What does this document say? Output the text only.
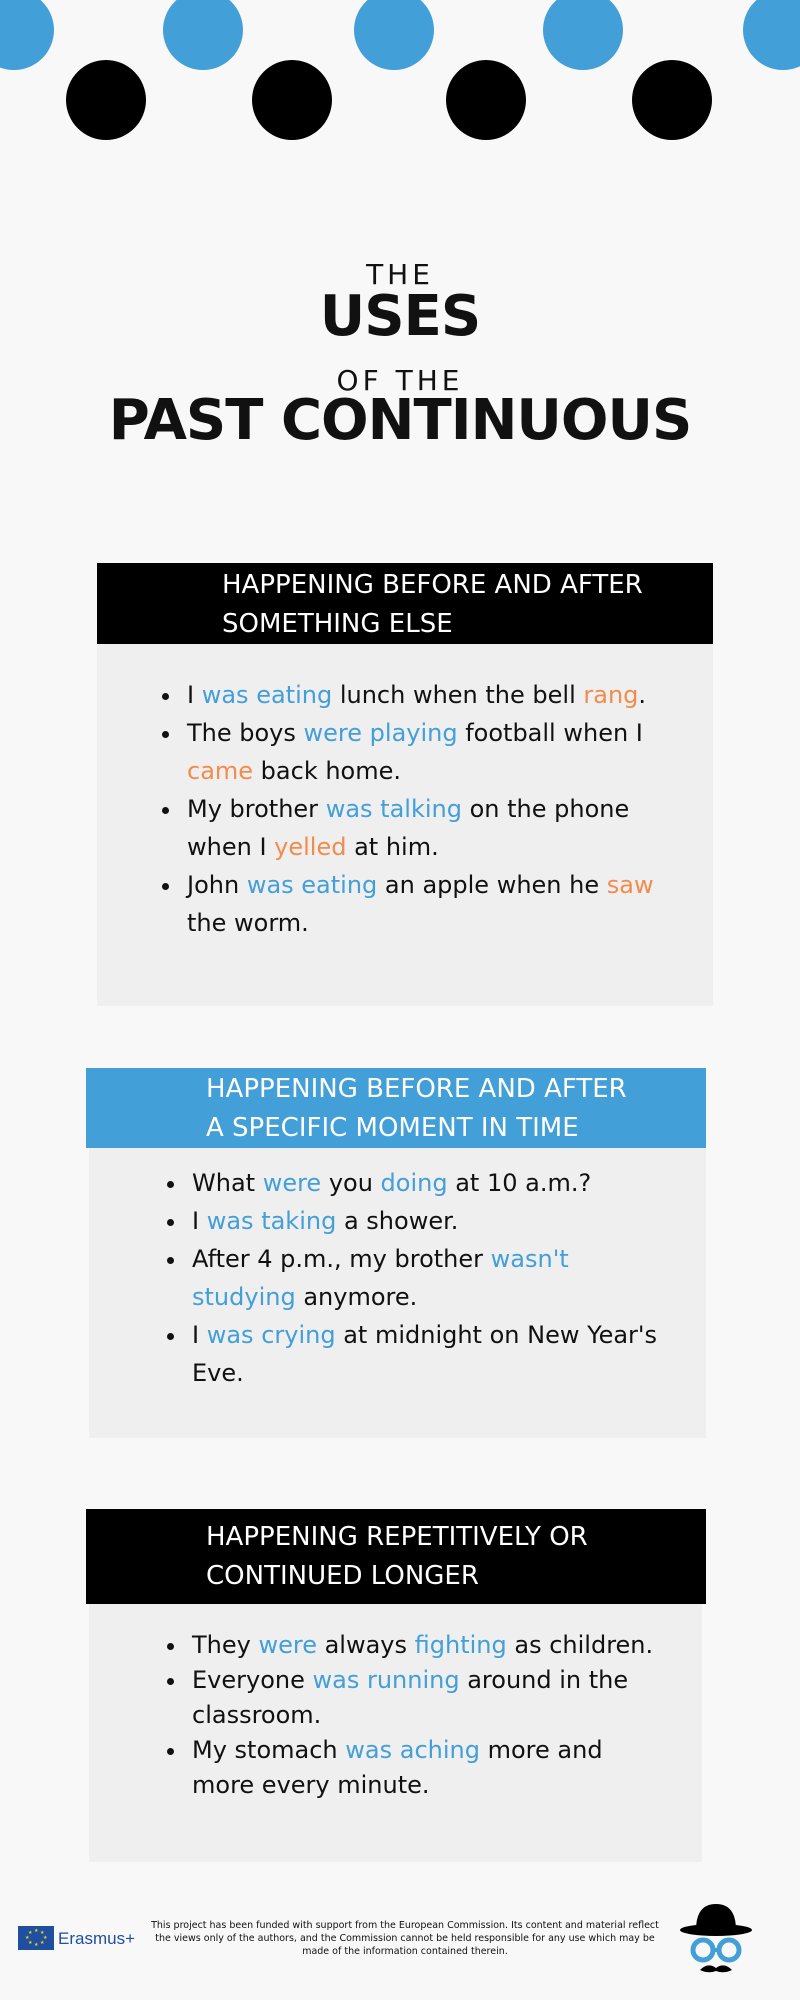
THE
USES
OF THE
PAST CONTINUOUS
HAPPENING BEFORE AND AFTER
SOMETHING ELSE
• I was eating lunch when the bell rang.
• The boys were playing football when I came back home.
• My brother was talking on the phone when I yelled at him.
• John was eating an apple when he saw the worm.
HAPPENING BEFORE AND AFTER
A SPECIFIC MOMENT IN TIME
• What were you doing at 10 a.m.?
• I was taking a shower.
• After 4 p.m., my brother wasn't studying anymore.
• I was crying at midnight on New Year's Eve.
HAPPENING REPETITIVELY OR
CONTINUED LONGER
• They were always fighting as children.
• Everyone was running around in the classroom.
• My stomach was aching more and more every minute.
★ ★
★
★
★
★
★
★ Erasmus+
This project has been funded with support from the European Commission. Its content and material reflect the views only of the authors, and the Commission cannot be held responsible for any use which may be made of the information contained therein.
